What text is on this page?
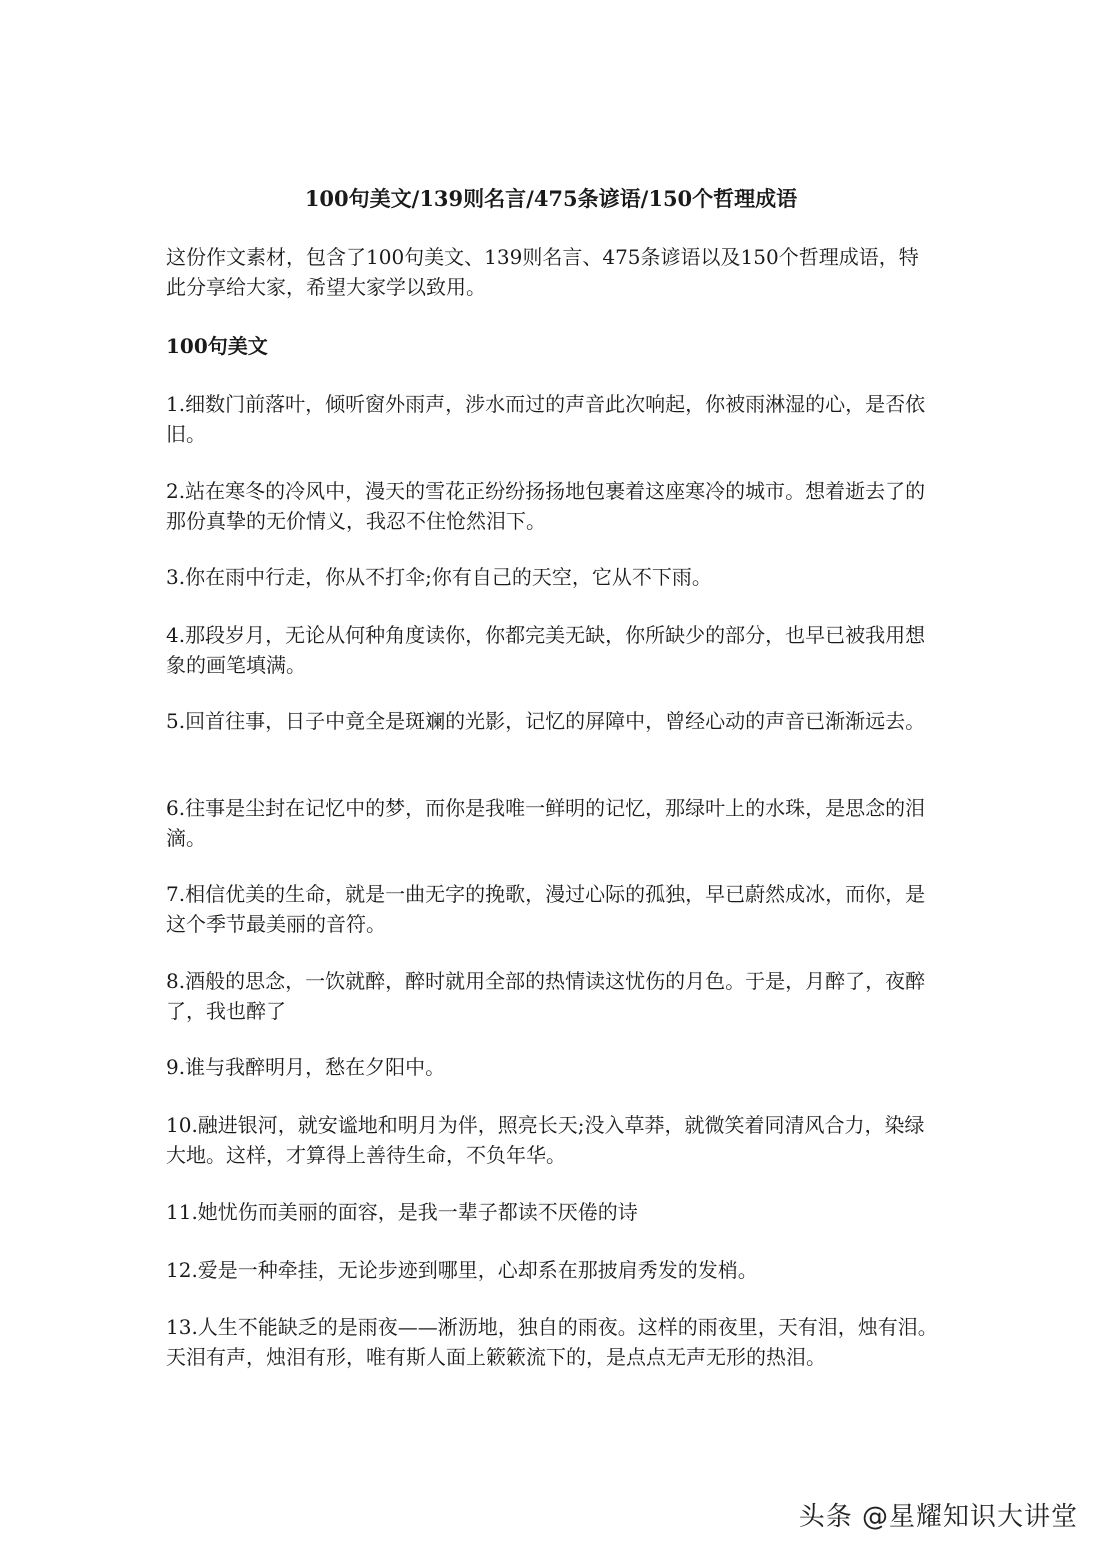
100句美文/139则名言/475条谚语/150个哲理成语

这份作文素材，包含了100句美文、139则名言、475条谚语以及150个哲理成语，特此分享给大家，希望大家学以致用。

100句美文

1.细数门前落叶，倾听窗外雨声，涉水而过的声音此次响起，你被雨淋湿的心，是否依旧。

2.站在寒冬的冷风中，漫天的雪花正纷纷扬扬地包裹着这座寒冷的城市。想着逝去了的那份真挚的无价情义，我忍不住怆然泪下。

3.你在雨中行走，你从不打伞;你有自己的天空，它从不下雨。

4.那段岁月，无论从何种角度读你，你都完美无缺，你所缺少的部分，也早已被我用想象的画笔填满。

5.回首往事，日子中竟全是斑斓的光影，记忆的屏障中，曾经心动的声音已渐渐远去。

6.往事是尘封在记忆中的梦，而你是我唯一鲜明的记忆，那绿叶上的水珠，是思念的泪滴。

7.相信优美的生命，就是一曲无字的挽歌，漫过心际的孤独，早已蔚然成冰，而你，是这个季节最美丽的音符。

8.酒般的思念，一饮就醉，醉时就用全部的热情读这忧伤的月色。于是，月醉了，夜醉了，我也醉了

9.谁与我醉明月，愁在夕阳中。

10.融进银河，就安谧地和明月为伴，照亮长天;没入草莽，就微笑着同清风合力，染绿大地。这样，才算得上善待生命，不负年华。

11.她忧伤而美丽的面容，是我一辈子都读不厌倦的诗

12.爱是一种牵挂，无论步迹到哪里，心却系在那披肩秀发的发梢。

13.人生不能缺乏的是雨夜——淅沥地，独自的雨夜。这样的雨夜里，天有泪，烛有泪。天泪有声，烛泪有形，唯有斯人面上簌簌流下的，是点点无声无形的热泪。

头条 @星耀知识大讲堂
